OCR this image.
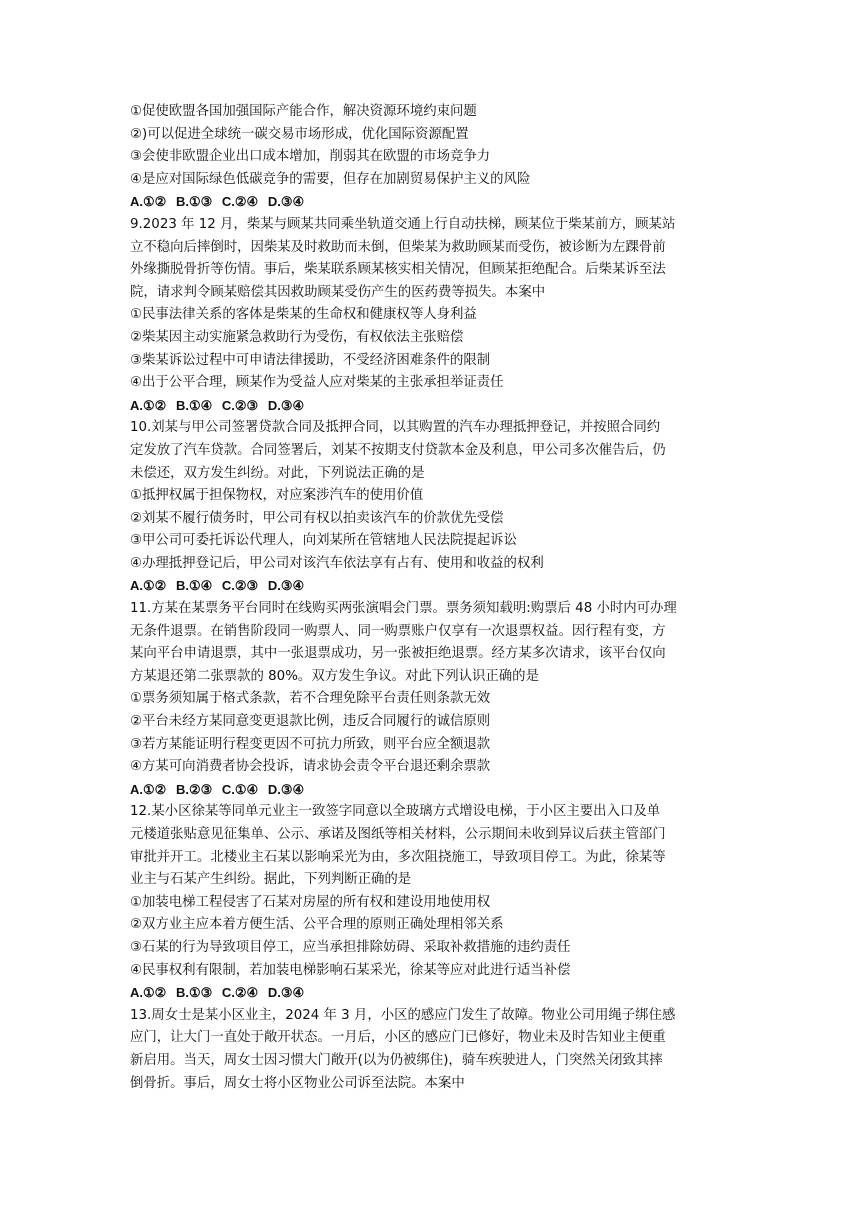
①促使欧盟各国加强国际产能合作，解决资源环境约束问题
②)可以促进全球统一碳交易市场形成，优化国际资源配置
③会使非欧盟企业出口成本增加，削弱其在欧盟的市场竞争力
④是应对国际绿色低碳竞争的需要，但存在加剧贸易保护主义的风险
A.①② B.①③ C.②④ D.③④
9.2023 年 12 月，柴某与顾某共同乘坐轨道交通上行自动扶梯，顾某位于柴某前方，顾某站
立不稳向后摔倒时，因柴某及时救助而未倒，但柴某为救助顾某而受伤，被诊断为左踝骨前
外缘撕脱骨折等伤情。事后，柴某联系顾某核实相关情况，但顾某拒绝配合。后柴某诉至法
院，请求判令顾某赔偿其因救助顾某受伤产生的医药费等损失。本案中
①民事法律关系的客体是柴某的生命权和健康权等人身利益
②柴某因主动实施紧急救助行为受伤，有权依法主张赔偿
③柴某诉讼过程中可申请法律援助，不受经济困难条件的限制
④出于公平合理，顾某作为受益人应对柴某的主张承担举证责任
A.①② B.①④ C.②③ D.③④
10.刘某与甲公司签署贷款合同及抵押合同，以其购置的汽车办理抵押登记，并按照合同约
定发放了汽车贷款。合同签署后，刘某不按期支付贷款本金及利息，甲公司多次催告后，仍
未偿还，双方发生纠纷。对此，下列说法正确的是
①抵押权属于担保物权，对应案涉汽车的使用价值
②刘某不履行债务时，甲公司有权以拍卖该汽车的价款优先受偿
③甲公司可委托诉讼代理人，向刘某所在管辖地人民法院提起诉讼
④办理抵押登记后，甲公司对该汽车依法享有占有、使用和收益的权利
A.①② B.①④ C.②③ D.③④
11.方某在某票务平台同时在线购买两张演唱会门票。票务须知载明:购票后 48 小时内可办理
无条件退票。在销售阶段同一购票人、同一购票账户仅享有一次退票权益。因行程有变，方
某向平台申请退票，其中一张退票成功，另一张被拒绝退票。经方某多次请求，该平台仅向
方某退还第二张票款的 80%。双方发生争议。对此下列认识正确的是
①票务须知属于格式条款，若不合理免除平台责任则条款无效
②平台未经方某同意变更退款比例，违反合同履行的诚信原则
③若方某能证明行程变更因不可抗力所致，则平台应全额退款
④方某可向消费者协会投诉，请求协会责令平台退还剩余票款
A.①② B.②③ C.①④ D.③④
12.某小区徐某等同单元业主一致签字同意以全玻璃方式增设电梯，于小区主要出入口及单
元楼道张贴意见征集单、公示、承诺及图纸等相关材料，公示期间未收到异议后获主管部门
审批并开工。北楼业主石某以影响采光为由，多次阻挠施工，导致项目停工。为此，徐某等
业主与石某产生纠纷。据此，下列判断正确的是
①加装电梯工程侵害了石某对房屋的所有权和建设用地使用权
②双方业主应本着方便生活、公平合理的原则正确处理相邻关系
③石某的行为导致项目停工，应当承担排除妨碍、采取补救措施的违约责任
④民事权利有限制，若加装电梯影响石某采光，徐某等应对此进行适当补偿
A.①② B.①③ C.②④ D.③④
13.周女士是某小区业主，2024 年 3 月，小区的感应门发生了故障。物业公司用绳子绑住感
应门，让大门一直处于敞开状态。一月后，小区的感应门已修好，物业未及时告知业主便重
新启用。当天，周女士因习惯大门敞开(以为仍被绑住)，骑车疾驶进人，门突然关闭致其摔
倒骨折。事后，周女士将小区物业公司诉至法院。本案中
